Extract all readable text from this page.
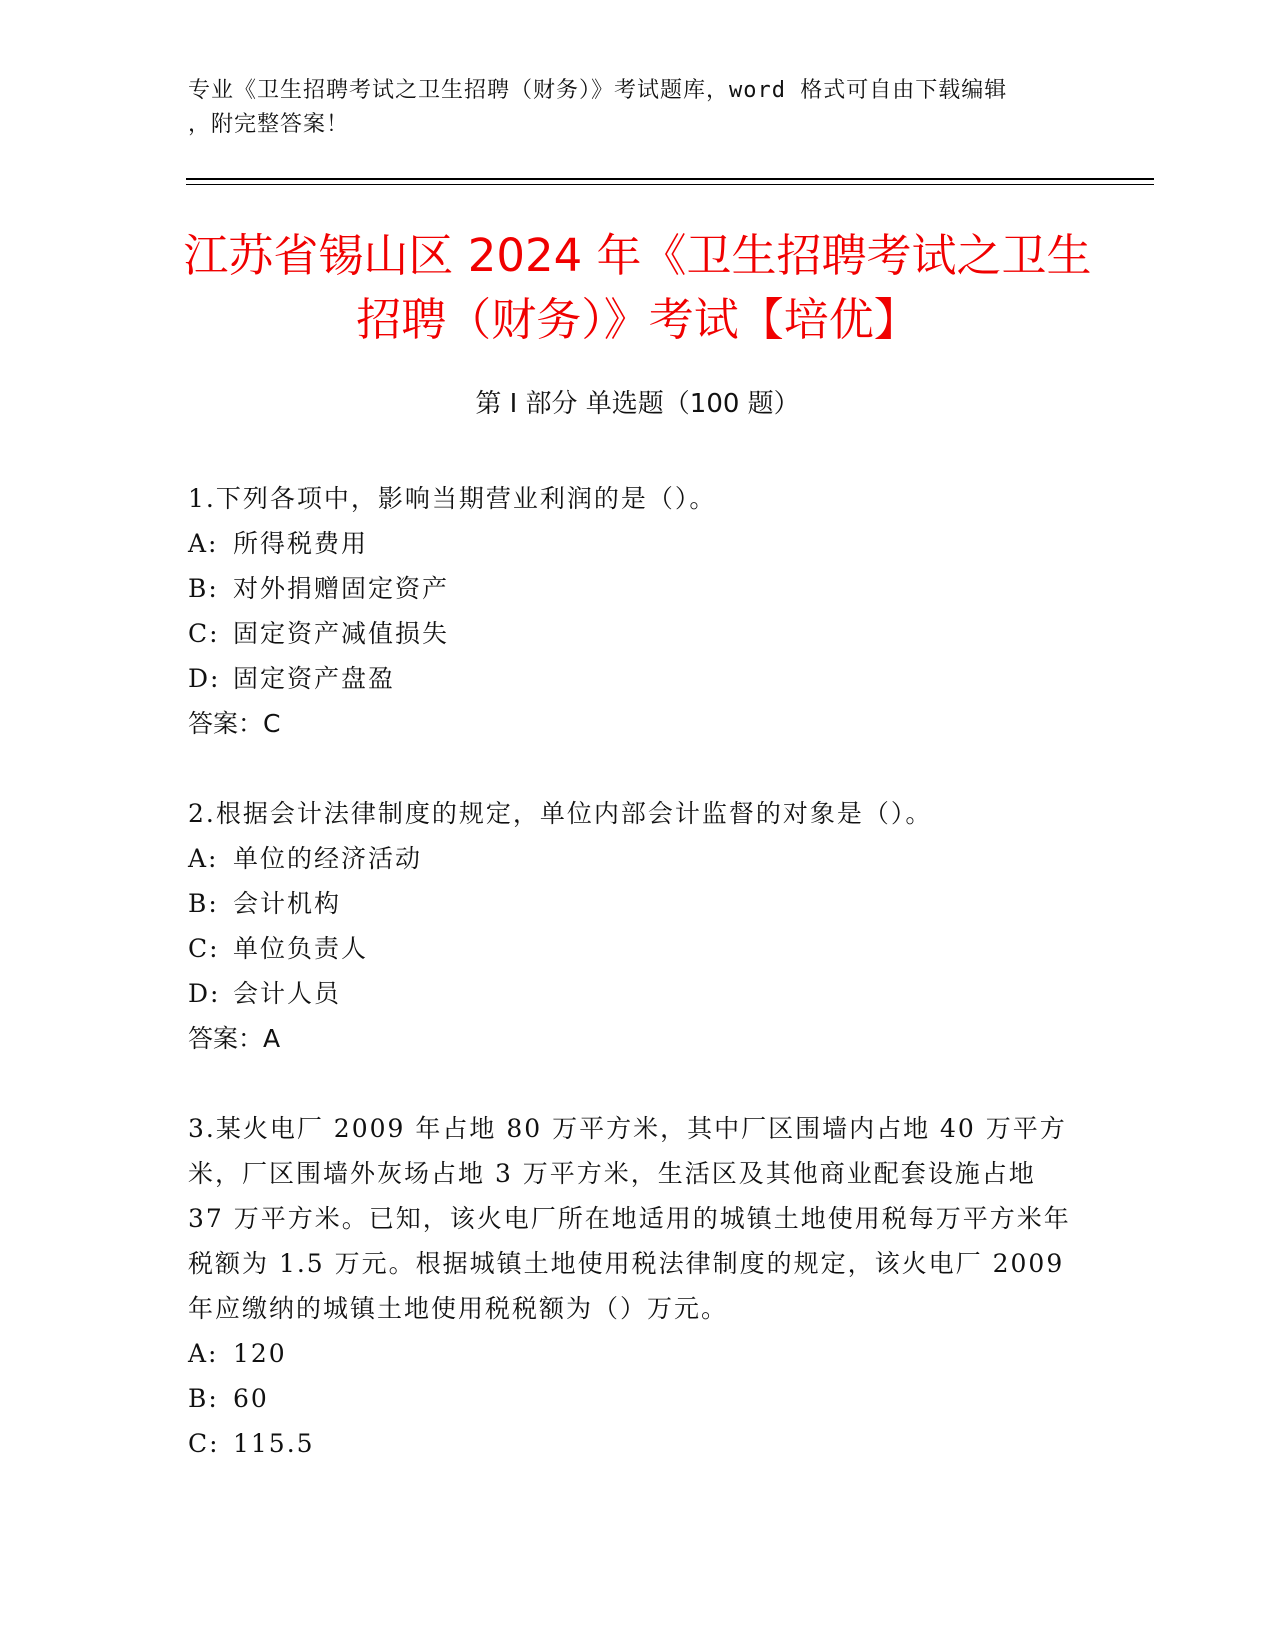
专业《卫生招聘考试之卫生招聘（财务）》考试题库，word 格式可自由下载编辑
，附完整答案！
江苏省锡山区 2024 年《卫生招聘考试之卫生
招聘（财务）》考试【培优】
第 I 部分 单选题（100 题）

1.下列各项中，影响当期营业利润的是（）。

A: 所得税费用

B: 对外捐赠固定资产

C: 固定资产减值损失

D: 固定资产盘盈

答案：C

2.根据会计法律制度的规定，单位内部会计监督的对象是（）。

A: 单位的经济活动

B: 会计机构

C: 单位负责人

D: 会计人员

答案：A

3.某火电厂 2009 年占地 80 万平方米，其中厂区围墙内占地 40 万平方米，厂区围墙外灰场占地 3 万平方米，生活区及其他商业配套设施占地 37 万平方米。已知，该火电厂所在地适用的城镇土地使用税每万平方米年税额为 1.5 万元。根据城镇土地使用税法律制度的规定，该火电厂 2009 年应缴纳的城镇土地使用税税额为（）万元。

A: 120

B: 60

C: 115.5
